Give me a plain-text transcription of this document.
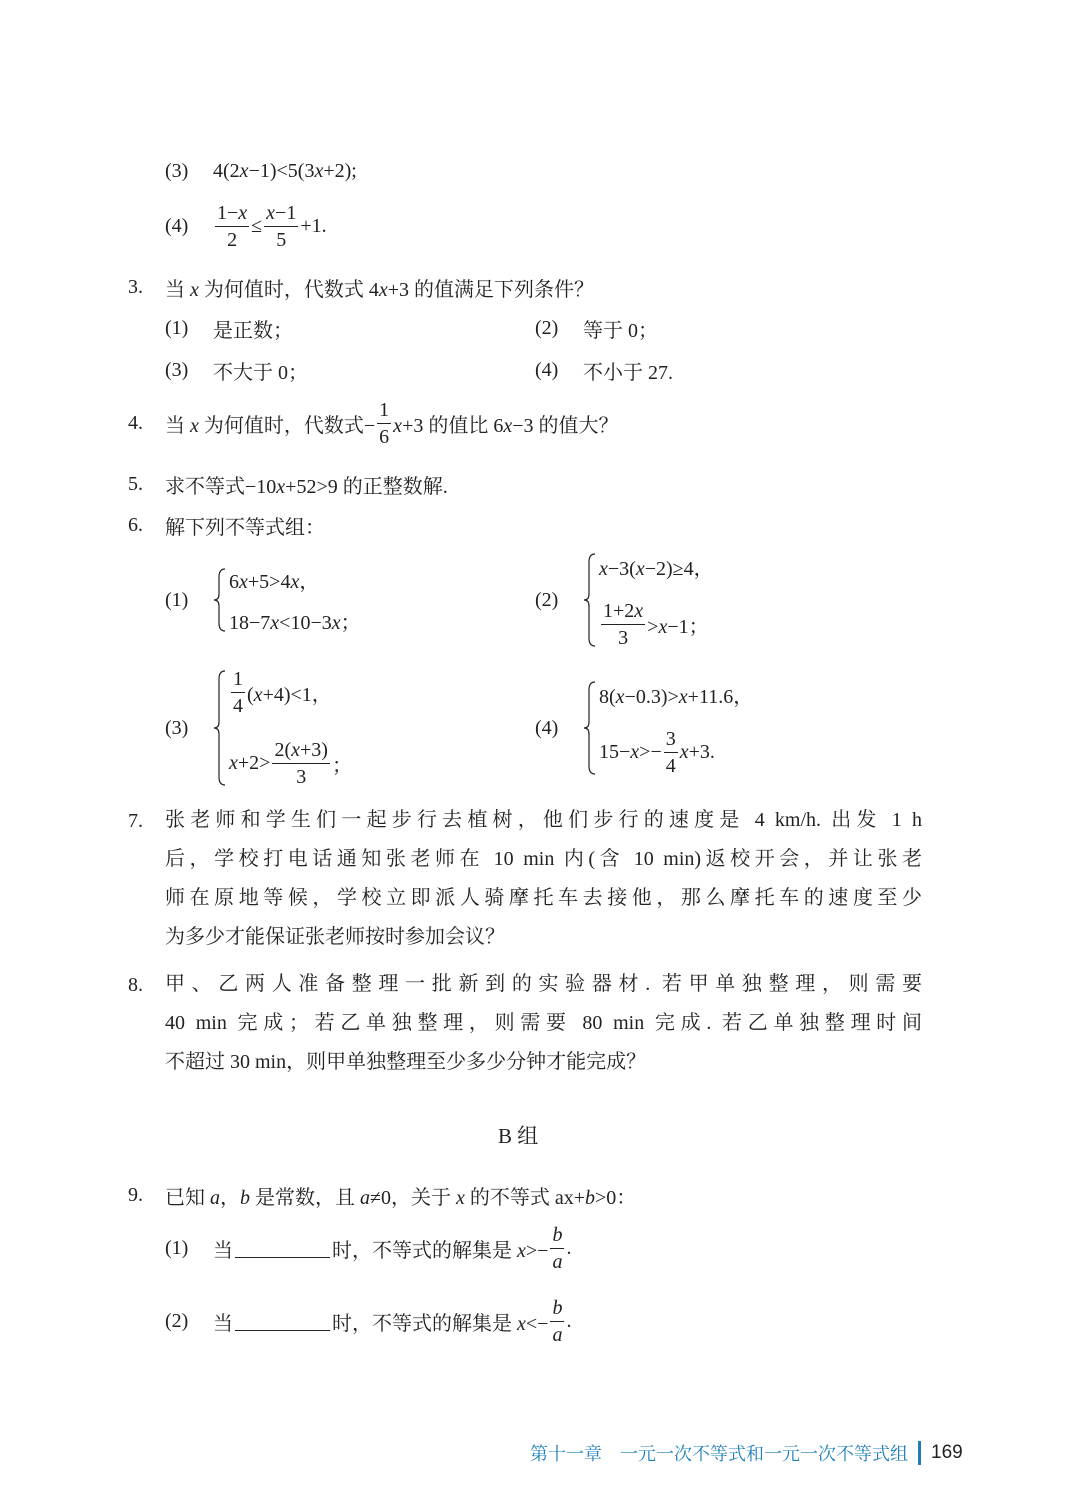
(3)	4(2x−1)<5(3x+2);
(4)	$\frac{1-x}{2} \le \frac{x-1}{5} +1$.
3.	当 x 为何值时，代数式 4x+3 的值满足下列条件？
(1)	是正数；	(2)	等于 0；
(3)	不大于 0；	(4)	不小于 27.
4.	当 x 为何值时，代数式− $\frac{1}{6} x+3$ 的值比 6x−3 的值大？
5.	求不等式−10x+52>9 的正整数解.
6.	解下列不等式组：
(1)
6x+5>4x，
18−7x<10−3x；
(2)
x−3(x−2)≥4，
$\frac{1+2x}{3} >x-1$；
(3)
$\frac{1}{4} (x+4)<1$，
$x+2> \frac{2(x+3)}{3}$ ；
(4)
8(x−0.3)>x+11.6，
$15-x>- \frac{3}{4} x+3$.
7. 张老师和学生们一起步行去植树，他们步行的速度是 4 km/h. 出发 1 h
后，学校打电话通知张老师在 10 min 内(含 10 min)返校开会，并让张老
师在原地等候，学校立即派人骑摩托车去接他，那么摩托车的速度至少
为多少才能保证张老师按时参加会议？
8. 甲、乙两人准备整理一批新到的实验器材. 若甲单独整理，则需要
40 min 完成；若乙单独整理，则需要 80 min 完成. 若乙单独整理时间
不超过 30 min，则甲单独整理至少多少分钟才能完成？
B 组
9.	已知 a，b 是常数，且 a≠0，关于 x 的不等式 ax+b>0：
(1)	当	时，不等式的解集是 $x>- \frac{b}{a}$ .
(2)	当	时，不等式的解集是 $x<- \frac{b}{a}$ .
第十一章 一元一次不等式和一元一次不等式组 169
